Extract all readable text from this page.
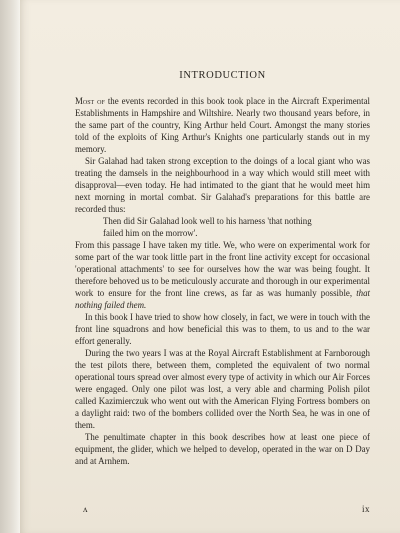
INTRODUCTION

Most of the events recorded in this book took place in the Aircraft Experimental Establishments in Hampshire and Wiltshire. Nearly two thousand years before, in the same part of the country, King Arthur held Court. Amongst the many stories told of the exploits of King Arthur's Knights one particularly stands out in my memory.

Sir Galahad had taken strong exception to the doings of a local giant who was treating the damsels in the neighbourhood in a way which would still meet with disapproval—even today. He had intimated to the giant that he would meet him next morning in mortal combat. Sir Galahad's preparations for this battle are recorded thus:

Then did Sir Galahad look well to his harness 'that nothing failed him on the morrow'.

From this passage I have taken my title. We, who were on experimental work for some part of the war took little part in the front line activity except for occasional 'operational attachments' to see for ourselves how the war was being fought. It therefore behoved us to be meticulously accurate and thorough in our experimental work to ensure for the front line crews, as far as was humanly possible, that nothing failed them.

In this book I have tried to show how closely, in fact, we were in touch with the front line squadrons and how beneficial this was to them, to us and to the war effort generally.

During the two years I was at the Royal Aircraft Establishment at Farnborough the test pilots there, between them, completed the equivalent of two normal operational tours spread over almost every type of activity in which our Air Forces were engaged. Only one pilot was lost, a very able and charming Polish pilot called Kazimierczuk who went out with the American Flying Fortress bombers on a daylight raid: two of the bombers collided over the North Sea, he was in one of them.

The penultimate chapter in this book describes how at least one piece of equipment, the glider, which we helped to develop, operated in the war on D Day and at Arnhem.

ʌ	ix
